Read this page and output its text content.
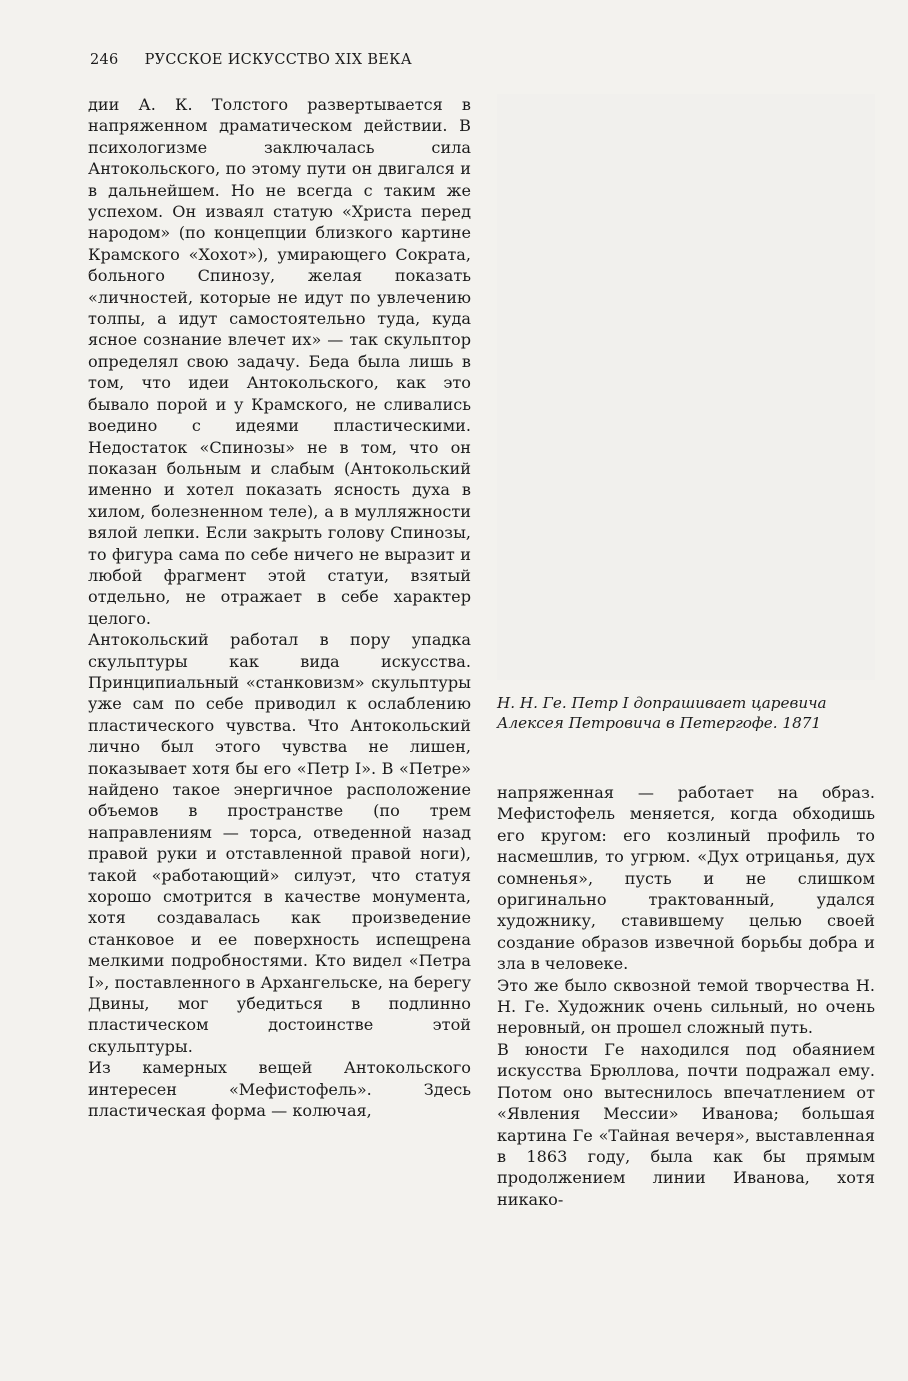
246 РУССКОЕ ИСКУССТВО XIX ВЕКА

дии А. К. Толстого развертывается в напряженном драматическом действии. В психологизме заключалась сила Антокольского, по этому пути он двигался и в дальнейшем. Но не всегда с таким же успехом. Он изваял статую «Христа перед народом» (по концепции близкого картине Крамского «Хохот»), умирающего Сократа, больного Спинозу, желая показать «личностей, которые не идут по увлечению толпы, а идут самостоятельно туда, куда ясное сознание влечет их» — так скульптор определял свою задачу. Беда была лишь в том, что идеи Антокольского, как это бывало порой и у Крамского, не сливались воедино с идеями пластическими. Недостаток «Спинозы» не в том, что он показан больным и слабым (Антокольский именно и хотел показать ясность духа в хилом, болезненном теле), а в мулляжности вялой лепки. Если закрыть голову Спинозы, то фигура сама по себе ничего не выразит и любой фрагмент этой статуи, взятый отдельно, не отражает в себе характер целого.

Антокольский работал в пору упадка скульптуры как вида искусства. Принципиальный «станковизм» скульптуры уже сам по себе приводил к ослаблению пластического чувства. Что Антокольский лично был этого чувства не лишен, показывает хотя бы его «Петр I». В «Петре» найдено такое энергичное расположение объемов в пространстве (по трем направлениям — торса, отведенной назад правой руки и отставленной правой ноги), такой «работающий» силуэт, что статуя хорошо смотрится в качестве монумента, хотя создавалась как произведение станковое и ее поверхность испещрена мелкими подробностями. Кто видел «Петра I», поставленного в Архангельске, на берегу Двины, мог убедиться в подлинно пластическом достоинстве этой скульптуры.

Из камерных вещей Антокольского интересен «Мефистофель». Здесь пластическая форма — колючая,

Н. Н. Ге. Петр I допрашивает царевича
Алексея Петровича в Петергофе. 1871

напряженная — работает на образ. Мефистофель меняется, когда обходишь его кругом: его козлиный профиль то насмешлив, то угрюм. «Дух отрицанья, дух сомненья», пусть и не слишком оригинально трактованный, удался художнику, ставившему целью своей создание образов извечной борьбы добра и зла в человеке.

Это же было сквозной темой творчества Н. Н. Ге. Художник очень сильный, но очень неровный, он прошел сложный путь.

В юности Ге находился под обаянием искусства Брюллова, почти подражал ему. Потом оно вытеснилось впечатлением от «Явления Мессии» Иванова; большая картина Ге «Тайная вечеря», выставленная в 1863 году, была как бы прямым продолжением линии Иванова, хотя никако-
